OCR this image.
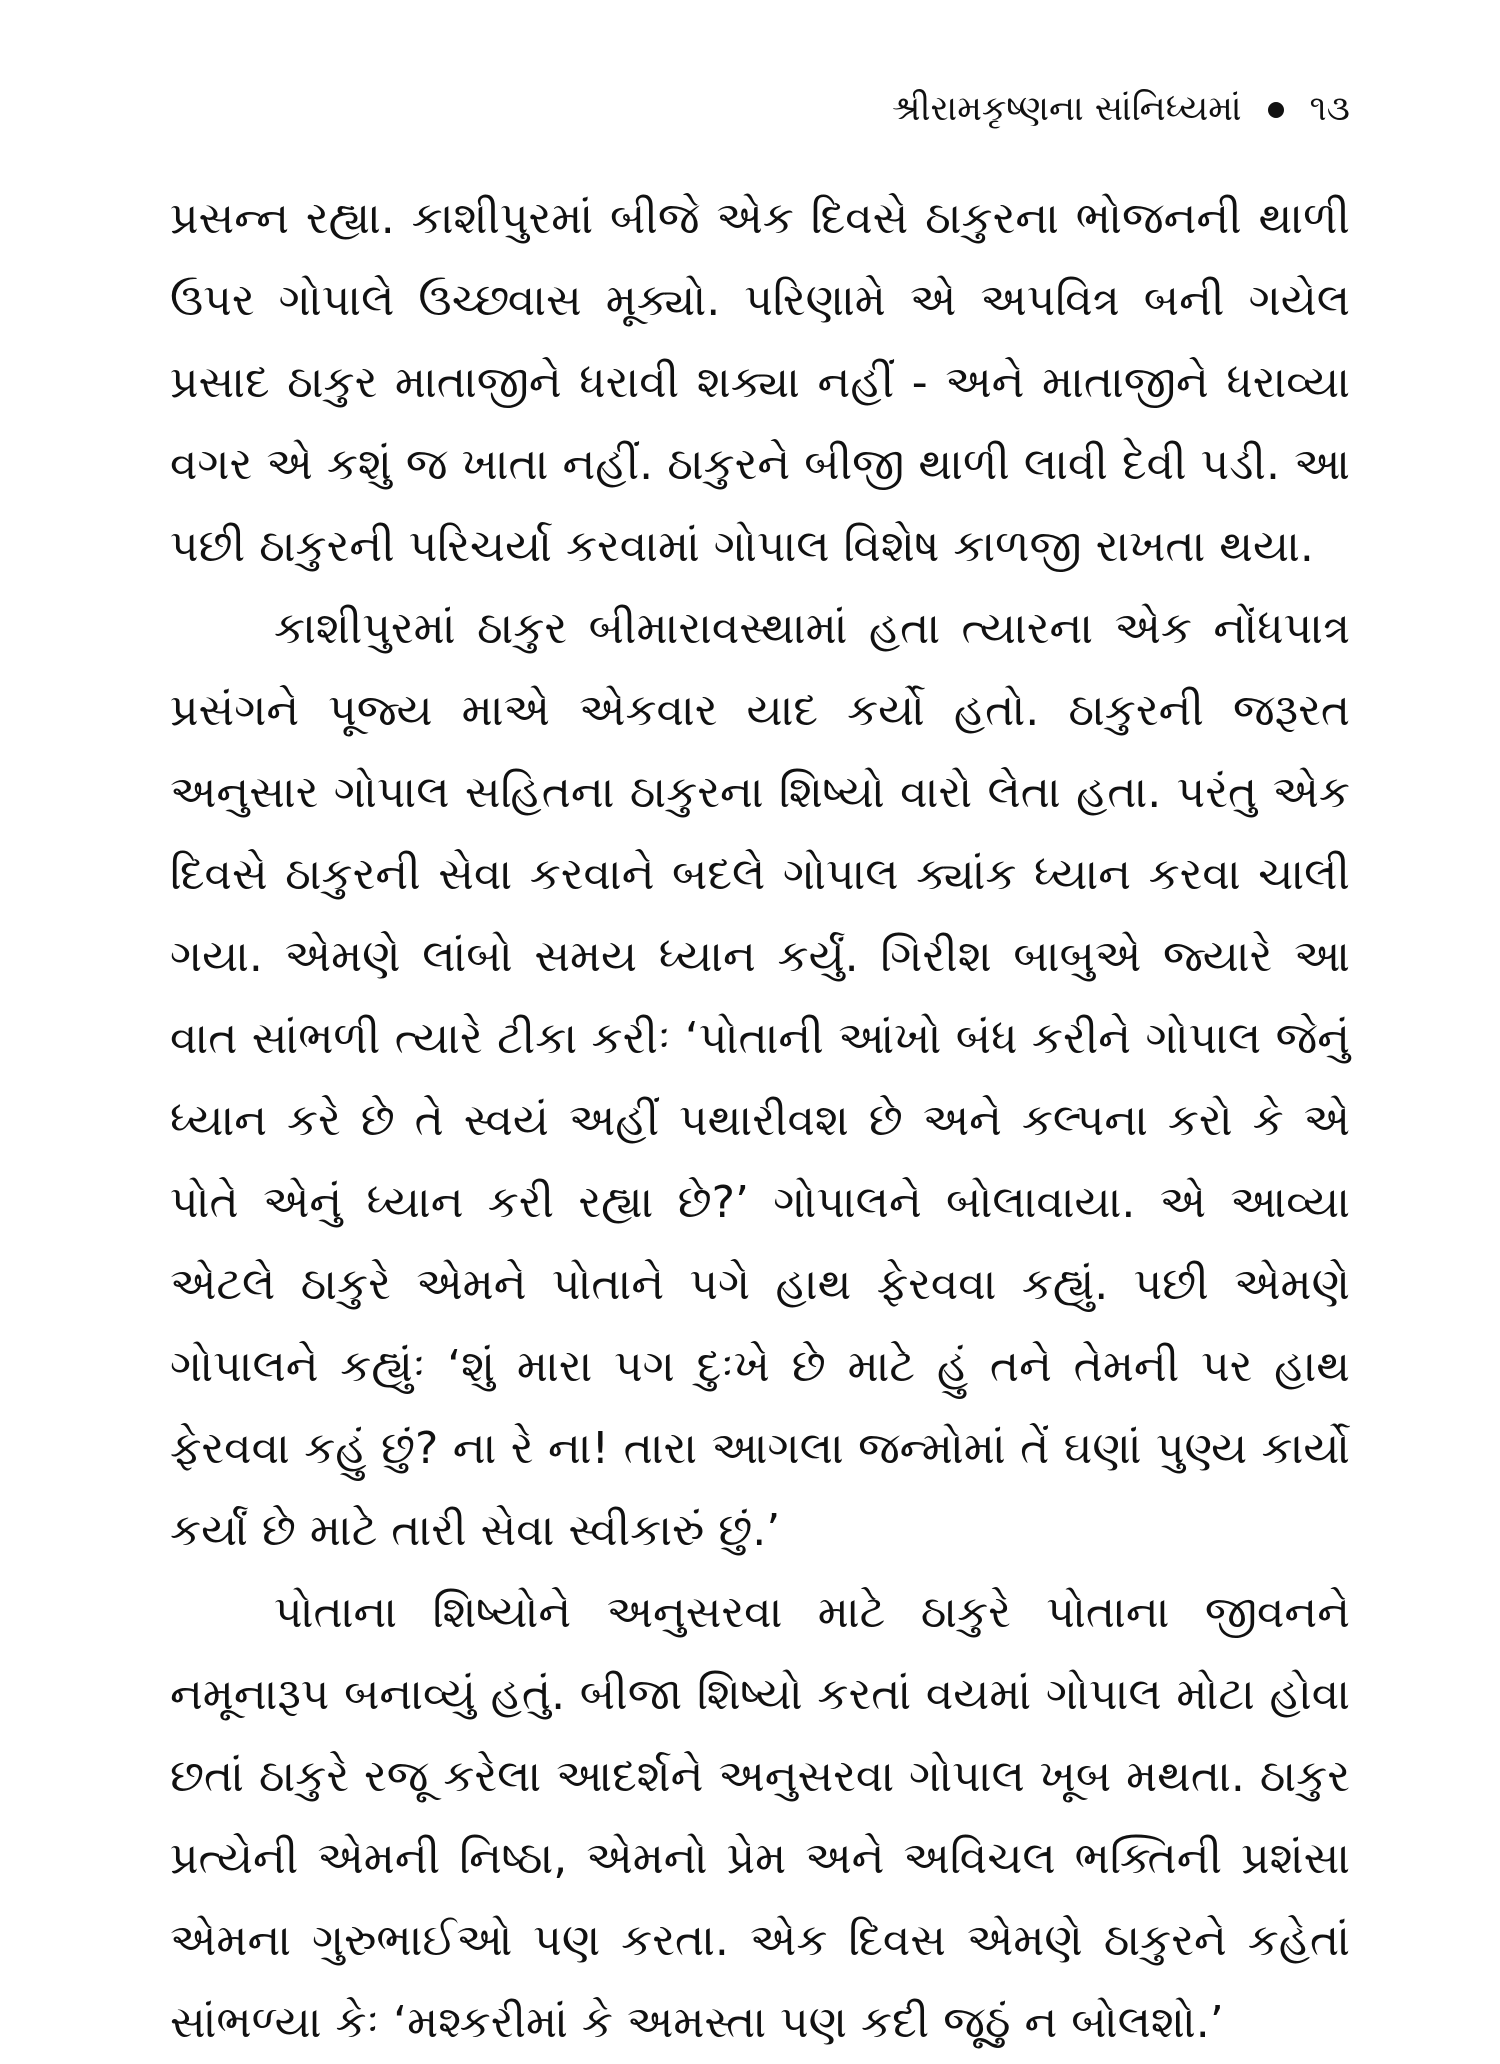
શ્રીરામકૃષ્ણના સાંનિધ્યમાં ૧૩

પ્રસન્ન રહ્યા. કાશીપુરમાં બીજે એક દિવસે ઠાકુરના ભોજનની થાળી ઉપર ગોપાલે ઉચ્છ્વાસ મૂક્યો. પરિણામે એ અપવિત્ર બની ગયેલ પ્રસાદ ઠાકુર માતાજીને ધરાવી શક્યા નહીં - અને માતાજીને ધરાવ્યા વગર એ કશું જ ખાતા નહીં. ઠાકુરને બીજી થાળી લાવી દેવી પડી. આ પછી ઠાકુરની પરિચર્યા કરવામાં ગોપાલ વિશેષ કાળજી રાખતા થયા.

કાશીપુરમાં ઠાકુર બીમારાવસ્થામાં હતા ત્યારના એક નોંધપાત્ર પ્રસંગને પૂજ્ય માએ એકવાર યાદ કર્યો હતો. ઠાકુરની જરૂરત અનુસાર ગોપાલ સહિતના ઠાકુરના શિષ્યો વારો લેતા હતા. પરંતુ એક દિવસે ઠાકુરની સેવા કરવાને બદલે ગોપાલ ક્યાંક ધ્યાન કરવા ચાલી ગયા. એમણે લાંબો સમય ધ્યાન કર્યું. ગિરીશ બાબુએ જ્યારે આ વાત સાંભળી ત્યારે ટીકા કરીઃ ‘પોતાની આંખો બંધ કરીને ગોપાલ જેનું ધ્યાન કરે છે તે સ્વયં અહીં પથારીવશ છે અને કલ્પના કરો કે એ પોતે એનું ધ્યાન કરી રહ્યા છે?’ ગોપાલને બોલાવાયા. એ આવ્યા એટલે ઠાકુરે એમને પોતાને પગે હાથ ફેરવવા કહ્યું. પછી એમણે ગોપાલને કહ્યુંઃ ‘શું મારા પગ દુઃખે છે માટે હું તને તેમની પર હાથ ફેરવવા કહું છું? ના રે ના! તારા આગલા જન્મોમાં તેં ઘણાં પુણ્ય કાર્યો કર્યાં છે માટે તારી સેવા સ્વીકારું છું.’

પોતાના શિષ્યોને અનુસરવા માટે ઠાકુરે પોતાના જીવનને નમૂનારૂપ બનાવ્યું હતું. બીજા શિષ્યો કરતાં વયમાં ગોપાલ મોટા હોવા છતાં ઠાકુરે રજૂ કરેલા આદર્શને અનુસરવા ગોપાલ ખૂબ મથતા. ઠાકુર પ્રત્યેની એમની નિષ્ઠા, એમનો પ્રેમ અને અવિચલ ભક્તિની પ્રશંસા એમના ગુરુભાઈઓ પણ કરતા. એક દિવસ એમણે ઠાકુરને કહેતાં સાંભળ્યા કેઃ ‘મશ્કરીમાં કે અમસ્તા પણ કદી જૂઠું ન બોલશો.’
